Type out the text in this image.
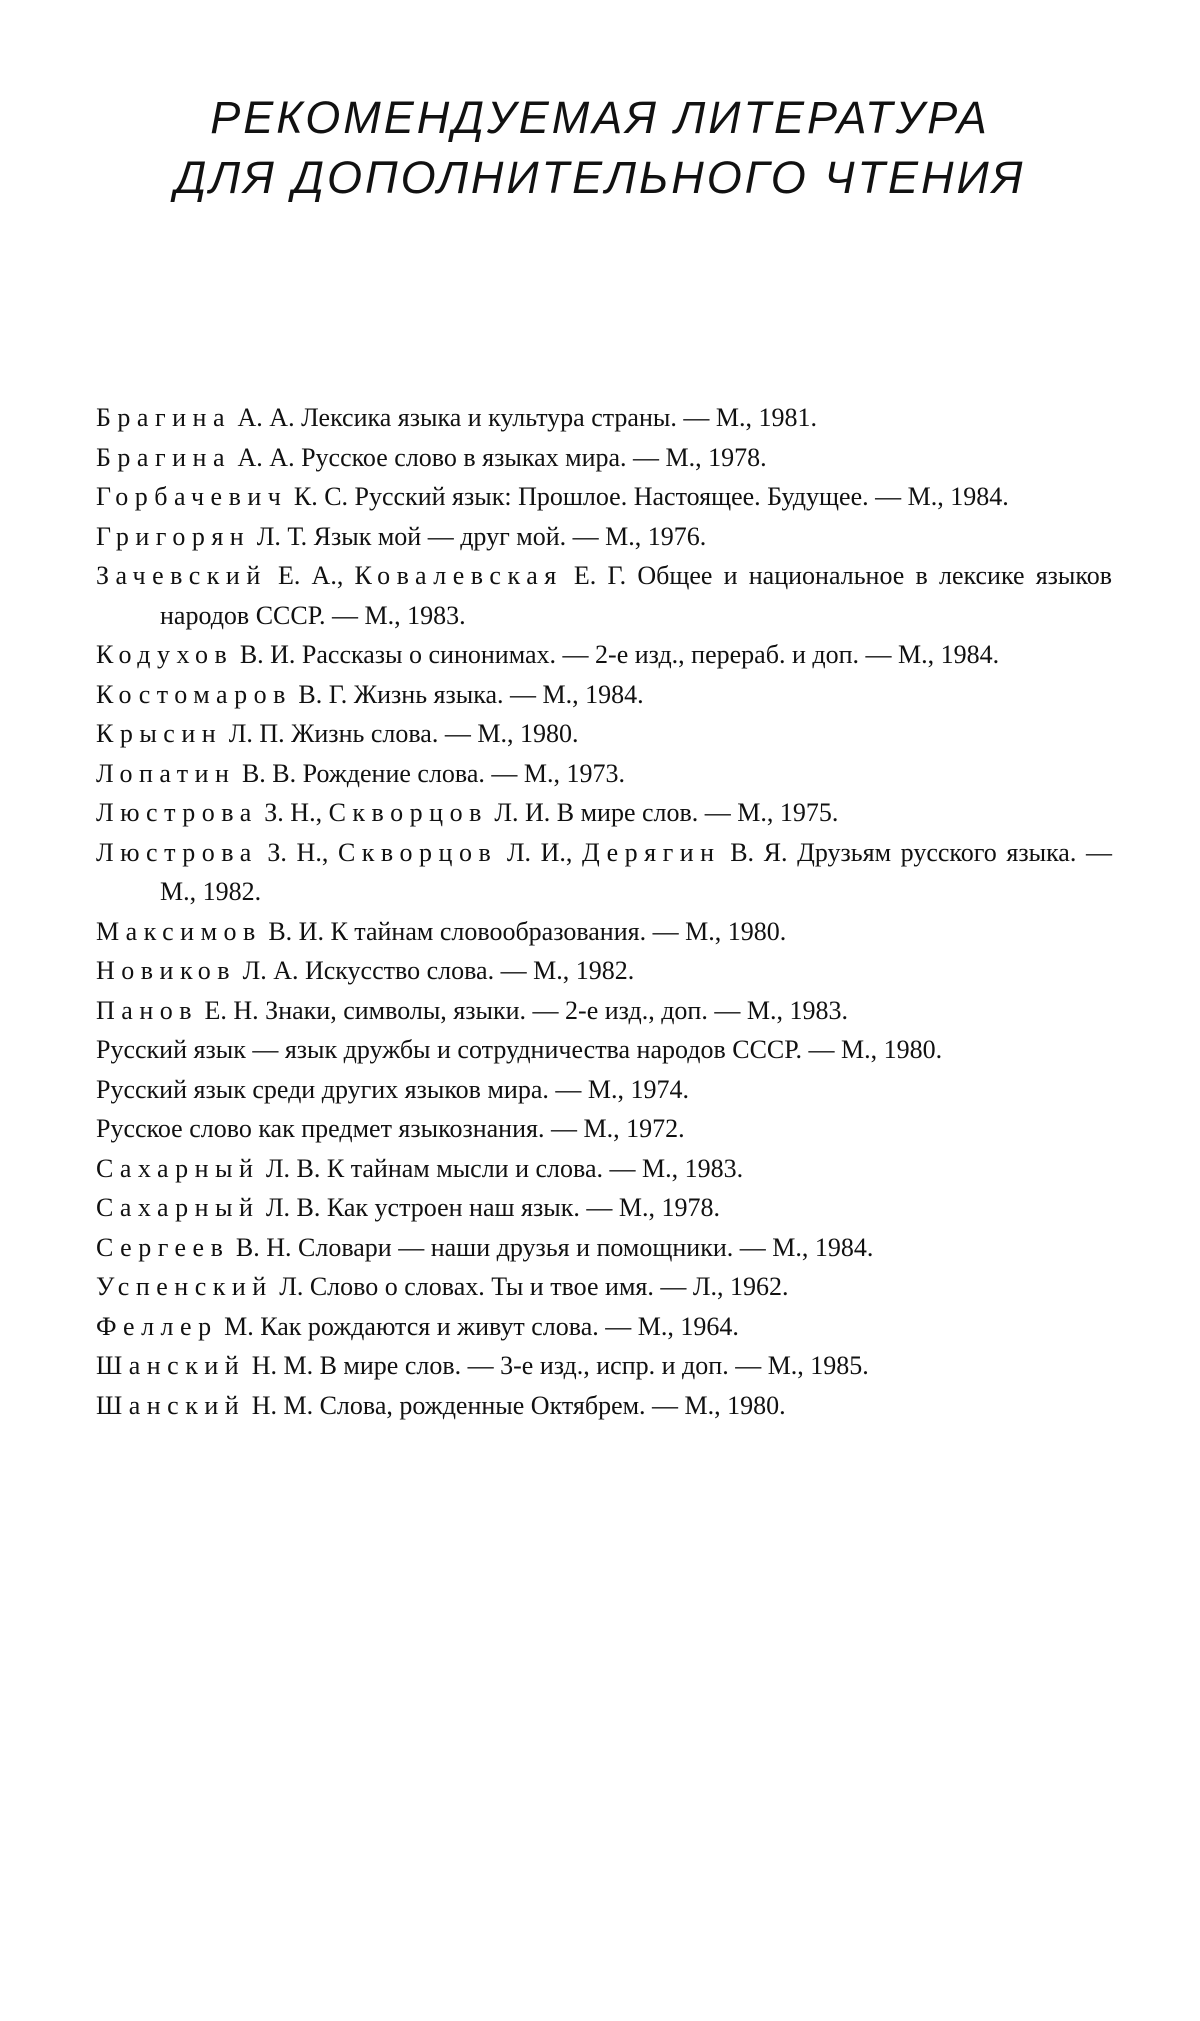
РЕКОМЕНДУЕМАЯ ЛИТЕРАТУРА
ДЛЯ ДОПОЛНИТЕЛЬНОГО ЧТЕНИЯ
Брагина А. А. Лексика языка и культура страны. — М., 1981.
Брагина А. А. Русское слово в языках мира. — М., 1978.
Горбачевич К. С. Русский язык: Прошлое. Настоящее. Будущее. — М., 1984.
Григорян Л. Т. Язык мой — друг мой. — М., 1976.
Зачевский Е. А., Ковалевская Е. Г. Общее и национальное в лексике языков народов СССР. — М., 1983.
Кодухов В. И. Рассказы о синонимах. — 2-е изд., перераб. и доп. — М., 1984.
Костомаров В. Г. Жизнь языка. — М., 1984.
Крысин Л. П. Жизнь слова. — М., 1980.
Лопатин В. В. Рождение слова. — М., 1973.
Люстрова З. Н., Скворцов Л. И. В мире слов. — М., 1975.
Люстрова З. Н., Скворцов Л. И., Дерягин В. Я. Друзьям русского языка. — М., 1982.
Максимов В. И. К тайнам словообразования. — М., 1980.
Новиков Л. А. Искусство слова. — М., 1982.
Панов Е. Н. Знаки, символы, языки. — 2-е изд., доп. — М., 1983.
Русский язык — язык дружбы и сотрудничества народов СССР. — М., 1980.
Русский язык среди других языков мира. — М., 1974.
Русское слово как предмет языкознания. — М., 1972.
Сахарный Л. В. К тайнам мысли и слова. — М., 1983.
Сахарный Л. В. Как устроен наш язык. — М., 1978.
Сергеев В. Н. Словари — наши друзья и помощники. — М., 1984.
Успенский Л. Слово о словах. Ты и твое имя. — Л., 1962.
Феллер М. Как рождаются и живут слова. — М., 1964.
Шанский Н. М. В мире слов. — 3-е изд., испр. и доп. — М., 1985.
Шанский Н. М. Слова, рожденные Октябрем. — М., 1980.
